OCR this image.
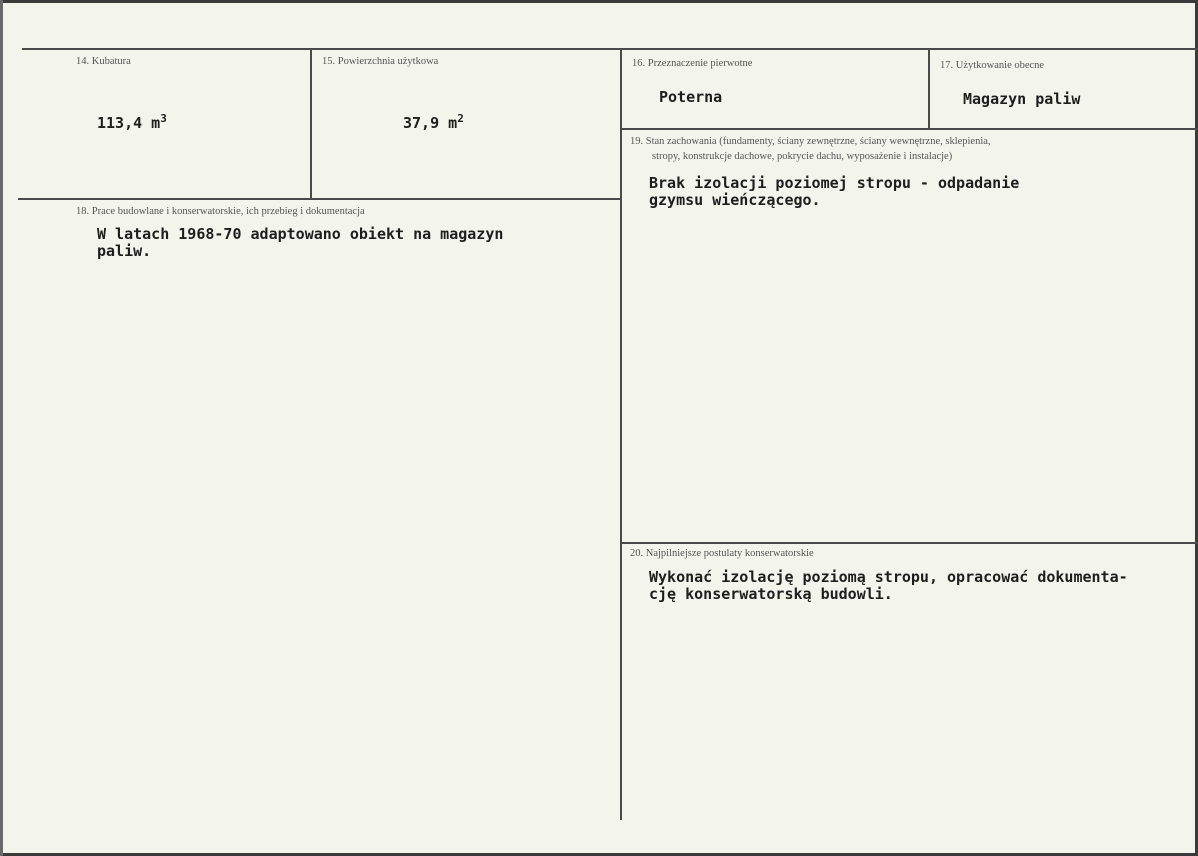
14. Kubatura
113,4 $m^3$
15. Powierzchnia użytkowa
37,9 $m^2$
16. Przeznaczenie pierwotne
Poterna
17. Użytkowanie obecne
Magazyn paliw
18. Prace budowlane i konserwatorskie, ich przebieg i dokumentacja
W latach 1968-70 adaptowano obiekt na magazyn
paliw.
19. Stan zachowania (fundamenty, ściany zewnętrzne, ściany wewnętrzne, sklepienia,
stropy, konstrukcje dachowe, pokrycie dachu, wyposażenie i instalacje)
Brak izolacji poziomej stropu - odpadanie
gzymsu wieńczącego.
20. Najpilniejsze postulaty konserwatorskie
Wykonać izolację poziomą stropu, opracować dokumenta-
cję konserwatorską budowli.
